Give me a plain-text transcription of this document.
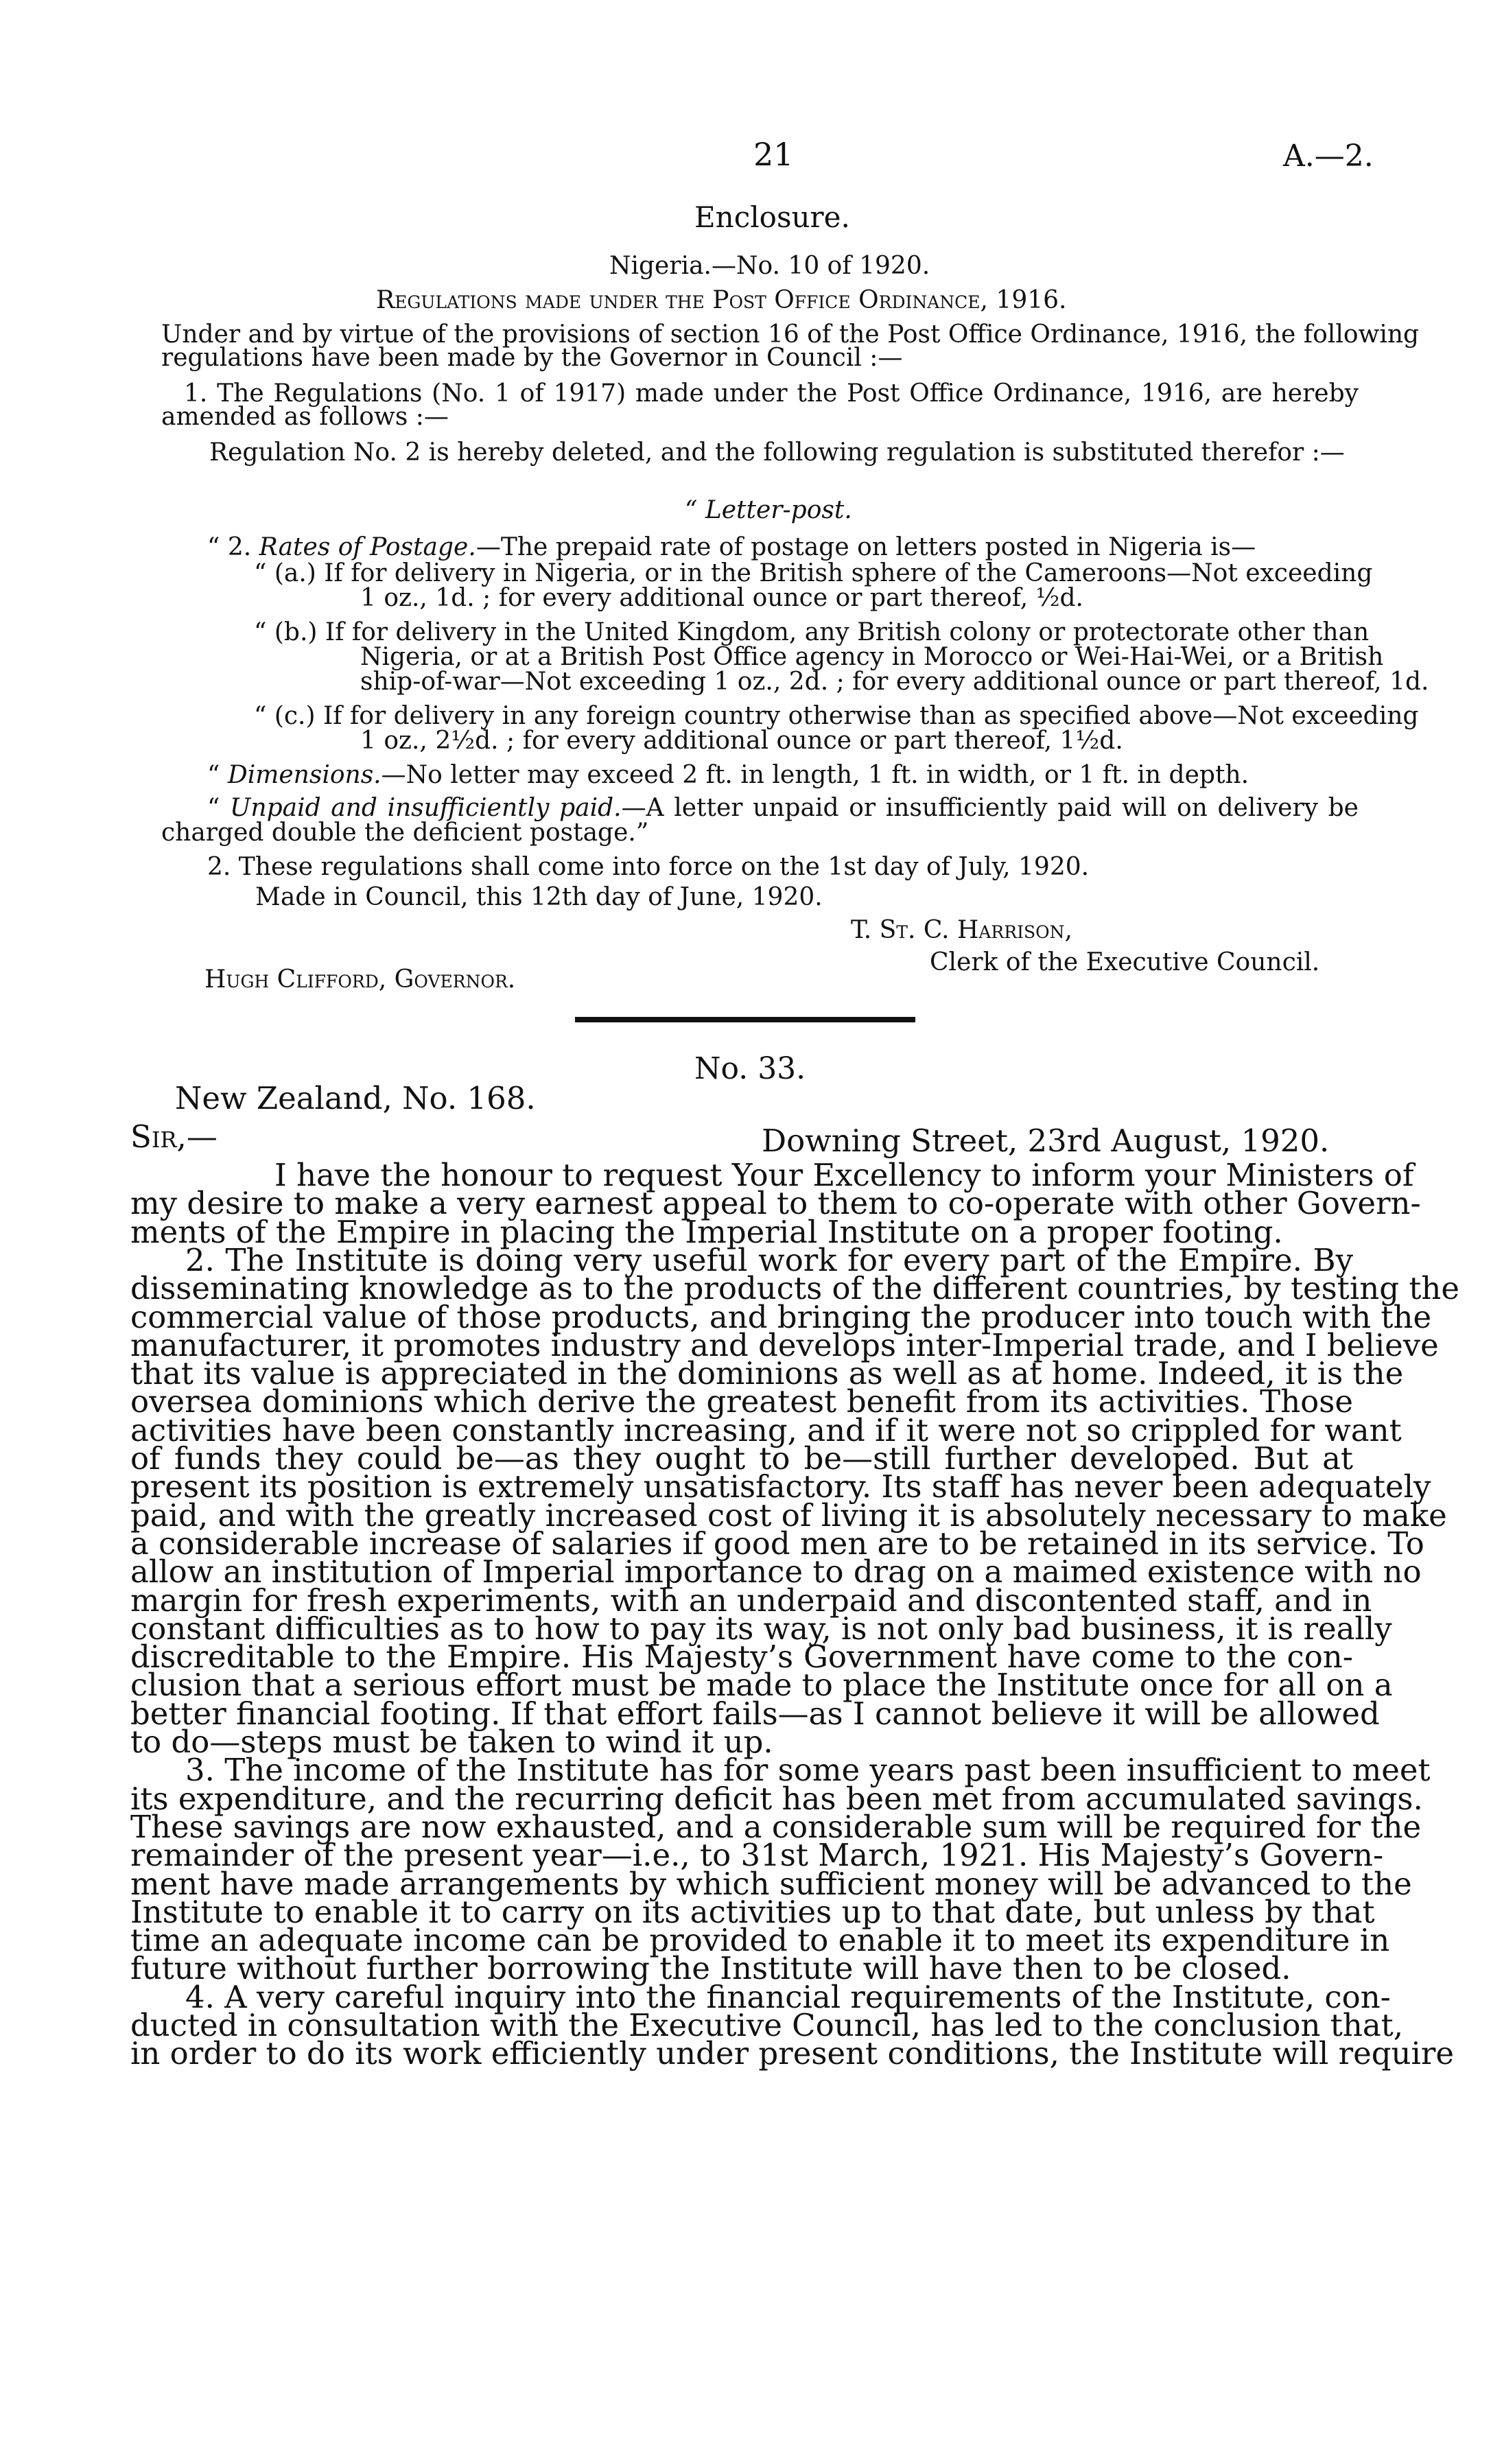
21	A.—2.
Enclosure.
Nigeria.—No. 10 of 1920.
Regulations made under the Post Office Ordinance, 1916.
Under and by virtue of the provisions of section 16 of the Post Office Ordinance, 1916, the following
regulations have been made by the Governor in Council :—
1. The Regulations (No. 1 of 1917) made under the Post Office Ordinance, 1916, are hereby
amended as follows :—
Regulation No. 2 is hereby deleted, and the following regulation is substituted therefor :—
“ Letter-post.
“ 2. Rates of Postage.—The prepaid rate of postage on letters posted in Nigeria is—
“ (a.) If for delivery in Nigeria, or in the British sphere of the Cameroons—Not exceeding
1 oz., 1d. ; for every additional ounce or part thereof, ½d.
“ (b.) If for delivery in the United Kingdom, any British colony or protectorate other than
Nigeria, or at a British Post Office agency in Morocco or Wei-Hai-Wei, or a British
ship-of-war—Not exceeding 1 oz., 2d. ; for every additional ounce or part thereof, 1d.
“ (c.) If for delivery in any foreign country otherwise than as specified above—Not exceeding
1 oz., 2½d. ; for every additional ounce or part thereof, 1½d.
“ Dimensions.—No letter may exceed 2 ft. in length, 1 ft. in width, or 1 ft. in depth.
“ Unpaid and insufficiently paid.—A letter unpaid or insufficiently paid will on delivery be
charged double the deficient postage.”
2. These regulations shall come into force on the 1st day of July, 1920.
Made in Council, this 12th day of June, 1920.
T. St. C. Harrison,
Clerk of the Executive Council.
Hugh Clifford, Governor.
No. 33.
New Zealand, No. 168.
Sir,—	Downing Street, 23rd August, 1920.
I have the honour to request Your Excellency to inform your Ministers of
my desire to make a very earnest appeal to them to co-operate with other Govern-
ments of the Empire in placing the Imperial Institute on a proper footing.
2. The Institute is doing very useful work for every part of the Empire. By
disseminating knowledge as to the products of the different countries, by testing the
commercial value of those products, and bringing the producer into touch with the
manufacturer, it promotes industry and develops inter-Imperial trade, and I believe
that its value is appreciated in the dominions as well as at home. Indeed, it is the
oversea dominions which derive the greatest benefit from its activities. Those
activities have been constantly increasing, and if it were not so crippled for want
of funds they could be—as they ought to be—still further developed. But at
present its position is extremely unsatisfactory. Its staff has never been adequately
paid, and with the greatly increased cost of living it is absolutely necessary to make
a considerable increase of salaries if good men are to be retained in its service. To
allow an institution of Imperial importance to drag on a maimed existence with no
margin for fresh experiments, with an underpaid and discontented staff, and in
constant difficulties as to how to pay its way, is not only bad business, it is really
discreditable to the Empire. His Majesty’s Government have come to the con-
clusion that a serious effort must be made to place the Institute once for all on a
better financial footing. If that effort fails—as I cannot believe it will be allowed
to do—steps must be taken to wind it up.
3. The income of the Institute has for some years past been insufficient to meet
its expenditure, and the recurring deficit has been met from accumulated savings.
These savings are now exhausted, and a considerable sum will be required for the
remainder of the present year—i.e., to 31st March, 1921. His Majesty’s Govern-
ment have made arrangements by which sufficient money will be advanced to the
Institute to enable it to carry on its activities up to that date, but unless by that
time an adequate income can be provided to enable it to meet its expenditure in
future without further borrowing the Institute will have then to be closed.
4. A very careful inquiry into the financial requirements of the Institute, con-
ducted in consultation with the Executive Council, has led to the conclusion that,
in order to do its work efficiently under present conditions, the Institute will require
